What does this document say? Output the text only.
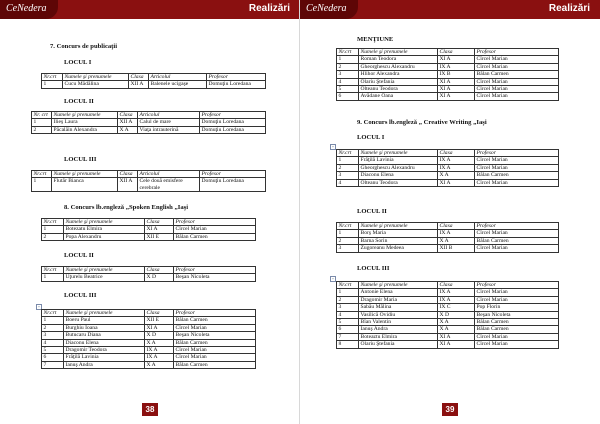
CeNedera	Realizări
7. Concurs de publicaţii
LOCUL I
Nr.crt	Numele şi prenumele	Clasa	Articolul	Profesor
1	Cucu Mădălina	XII A	Balenele ucigaşe	Domuţiu Loredana
LOCUL II
Nr. crt	Numele şi prenumele	Clasa	Articolul	Profesor
1	Ilieş Laura	XII A	Calul de mare	Domuţiu Loredana
2	Păcalăin Alexandra	X A	Viaţa intrauterină	Domuţiu Loredana
LOCUL III
Nr.crt	Numele şi prenumele	Clasa	Articolul	Profesor
1	Flutăr Bianca	XII A	Cele două emisfere cerebrale	Domuţiu Loredana
8. Concurs lb.engleză „Spoken English „Iaşi
Nr.crt	Numele şi prenumele	Clasa	Profesor
1	Botezatu Elmira	XI A	Cîrcel Marian
2	Popa Alexandru	XII E	Bălan Carmen
LOCUL II
Nr.crt	Numele şi prenumele	Clasa	Profesor
1	Uţurelu Beatrice	X D	Beşan Nicoleta
LOCUL III
+
Nr.crt	Numele şi prenumele	Clasa	Profesor
1	Boeru Paul	XII E	Bălan Carmen
2	Burghiu Ioana	XI A	Cîrcel Marian
3	Butucaru Diana	X D	Beşan Nicoleta
4	Diaconu Elena	X A	Bălan Carmen
5	Dragomir Teodora	IX A	Cîrcel Marian
6	Frăţilă Lavinia	IX A	Cîrcel Marian
7	Ianuş Andra	X A	Bălan Carmen
38
CeNedera	Realizări
MENŢIUNE
Nr.crt	Numele şi prenumele	Clasa	Profesor
1	Roman Teodora	XI A	Cîrcel Marian
2	Gheorghescu Alexandru	IX A	Cîrcel Marian
3	Hlihor Alexandra	IX B	Bălan Carmen
4	Olariu Ştefania	XI A	Cîrcel Marian
5	Olteanu Teodora	XI A	Cîrcel Marian
6	Avădane Oana	XI A	Cîrcel Marian
9. Concurs lb.engleză „ Creative Writing „Iaşi
LOCUL I
+
Nr.crt	Numele şi prenumele	Clasa	Profesor
1	Frăţilă Lavinia	IX A	Cîrcel Marian
2	Gheorghescu Alexandru	IX A	Cîrcel Marian
3	Diaconu Elena	X A	Bălan Carmen
4	Olteanu Teodora	XI A	Cîrcel Marian
LOCUL II
Nr.crt	Numele şi prenumele	Clasa	Profesor
1	Borş Maria	IX A	Cîrcel Marian
2	Barna Sorin	X A	Bălan Carmen
3	Zugoreanu Medeea	XII B	Cîrcel Marian
LOCUL III
+
Nr.crt	Numele şi prenumele	Clasa	Profesor
1	Antonie Elena	IX A	Cîrcel Marian
2	Dragomir Maria	IX A	Cîrcel Marian
3	Sabău Mălina	IX C	Pop Florin
4	Vasilică Ovidiu	X D	Beşan Nicoleta
5	Bîan Valentin	X A	Bălan Carmen
6	Ianuş Andra	X A	Bălan Carmen
7	Boteaztu Elmira	XI A	Cîrcel Marian
8	Olariu Ştefania	XI A	Cîrcel Marian
39
